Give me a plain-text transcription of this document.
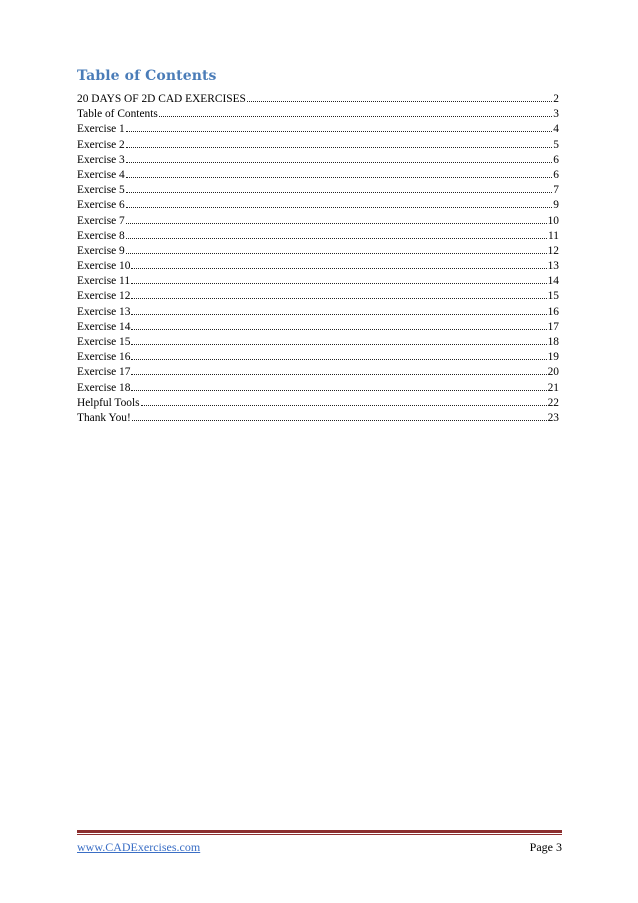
Table of Contents
20 DAYS OF 2D CAD EXERCISES	2
Table of Contents	3
Exercise 1	4
Exercise 2	5
Exercise 3	6
Exercise 4	6
Exercise 5	7
Exercise 6	9
Exercise 7	10
Exercise 8	11
Exercise 9	12
Exercise 10	13
Exercise 11	14
Exercise 12	15
Exercise 13	16
Exercise 14	17
Exercise 15	18
Exercise 16	19
Exercise 17	20
Exercise 18	21
Helpful Tools	22
Thank You!	23
www.CADExercises.com	Page 3
